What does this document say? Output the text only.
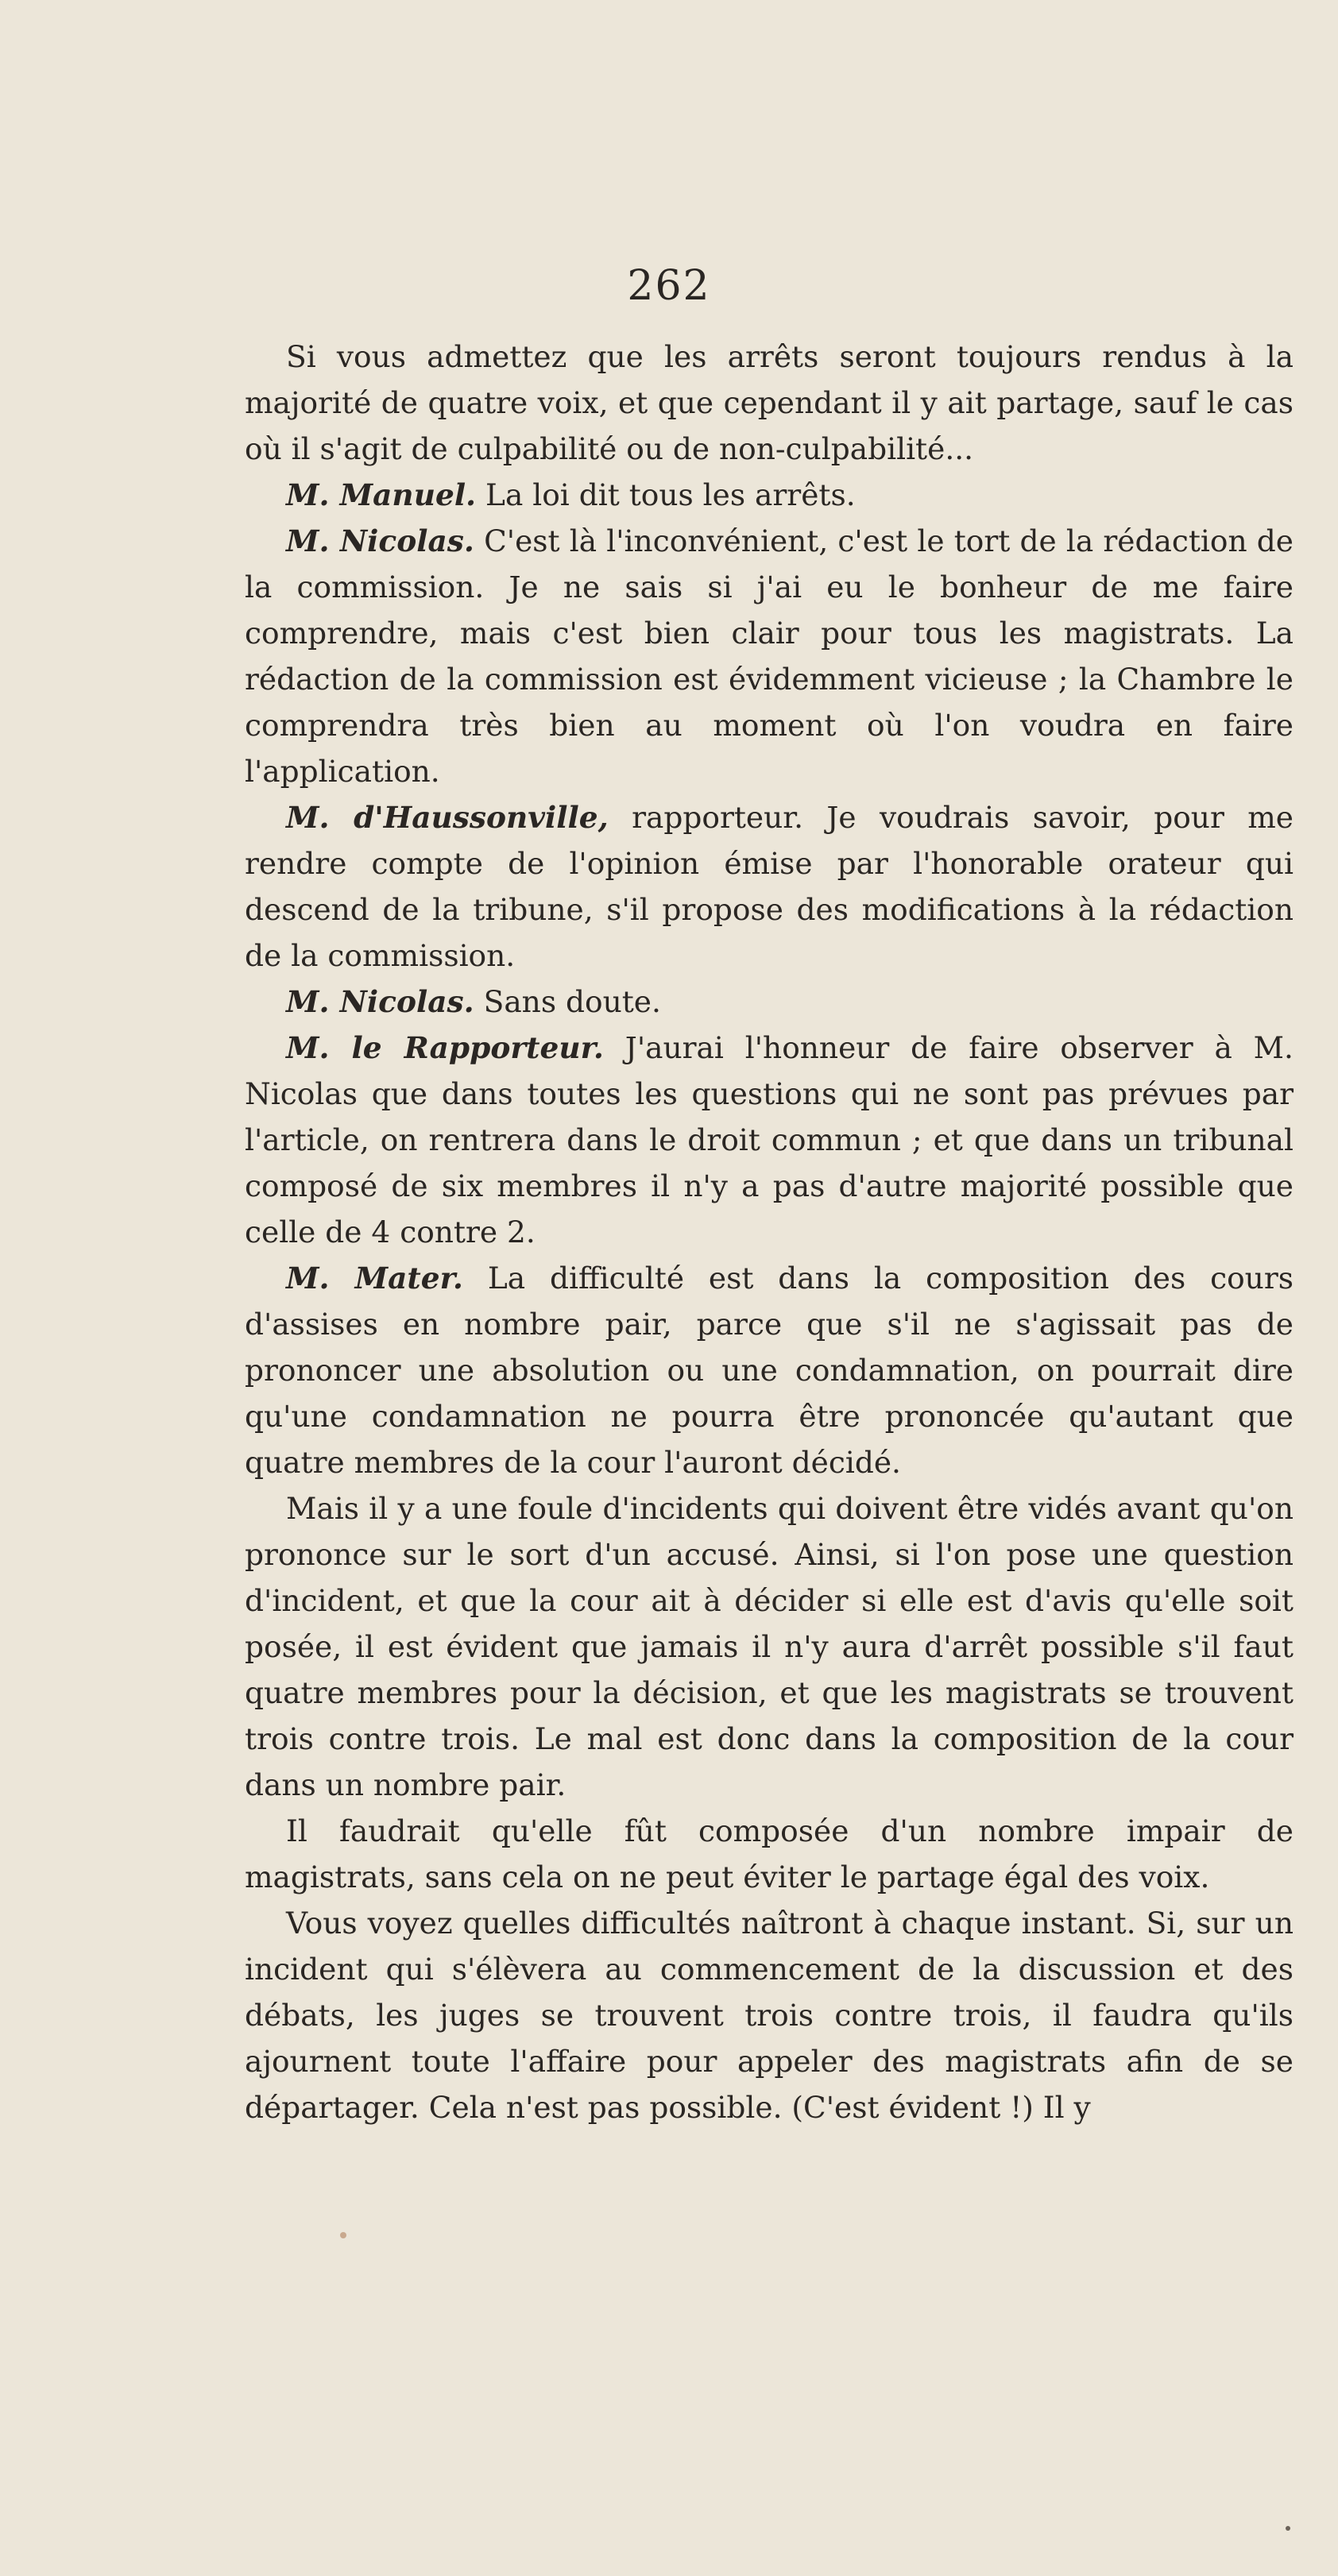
262

Si vous admettez que les arrêts seront toujours rendus à la majorité de quatre voix, et que cependant il y ait partage, sauf le cas où il s'agit de culpabilité ou de non-culpabilité...

M. Manuel. La loi dit tous les arrêts.

M. Nicolas. C'est là l'inconvénient, c'est le tort de la rédaction de la commission. Je ne sais si j'ai eu le bonheur de me faire comprendre, mais c'est bien clair pour tous les magistrats. La rédaction de la commission est évidemment vicieuse ; la Chambre le comprendra très bien au moment où l'on voudra en faire l'application.

M. d'Haussonville, rapporteur. Je voudrais savoir, pour me rendre compte de l'opinion émise par l'honorable orateur qui descend de la tribune, s'il propose des modifications à la rédaction de la commission.

M. Nicolas. Sans doute.

M. le Rapporteur. J'aurai l'honneur de faire observer à M. Nicolas que dans toutes les questions qui ne sont pas prévues par l'article, on rentrera dans le droit commun ; et que dans un tribunal composé de six membres il n'y a pas d'autre majorité possible que celle de 4 contre 2.

M. Mater. La difficulté est dans la composition des cours d'assises en nombre pair, parce que s'il ne s'agissait pas de prononcer une absolution ou une condamnation, on pourrait dire qu'une condamnation ne pourra être prononcée qu'autant que quatre membres de la cour l'auront décidé.

Mais il y a une foule d'incidents qui doivent être vidés avant qu'on prononce sur le sort d'un accusé. Ainsi, si l'on pose une question d'incident, et que la cour ait à décider si elle est d'avis qu'elle soit posée, il est évident que jamais il n'y aura d'arrêt possible s'il faut quatre membres pour la décision, et que les magistrats se trouvent trois contre trois. Le mal est donc dans la composition de la cour dans un nombre pair.

Il faudrait qu'elle fût composée d'un nombre impair de magistrats, sans cela on ne peut éviter le partage égal des voix.

Vous voyez quelles difficultés naîtront à chaque instant. Si, sur un incident qui s'élèvera au commencement de la discussion et des débats, les juges se trouvent trois contre trois, il faudra qu'ils ajournent toute l'affaire pour appeler des magistrats afin de se départager. Cela n'est pas possible. (C'est évident !) Il y
